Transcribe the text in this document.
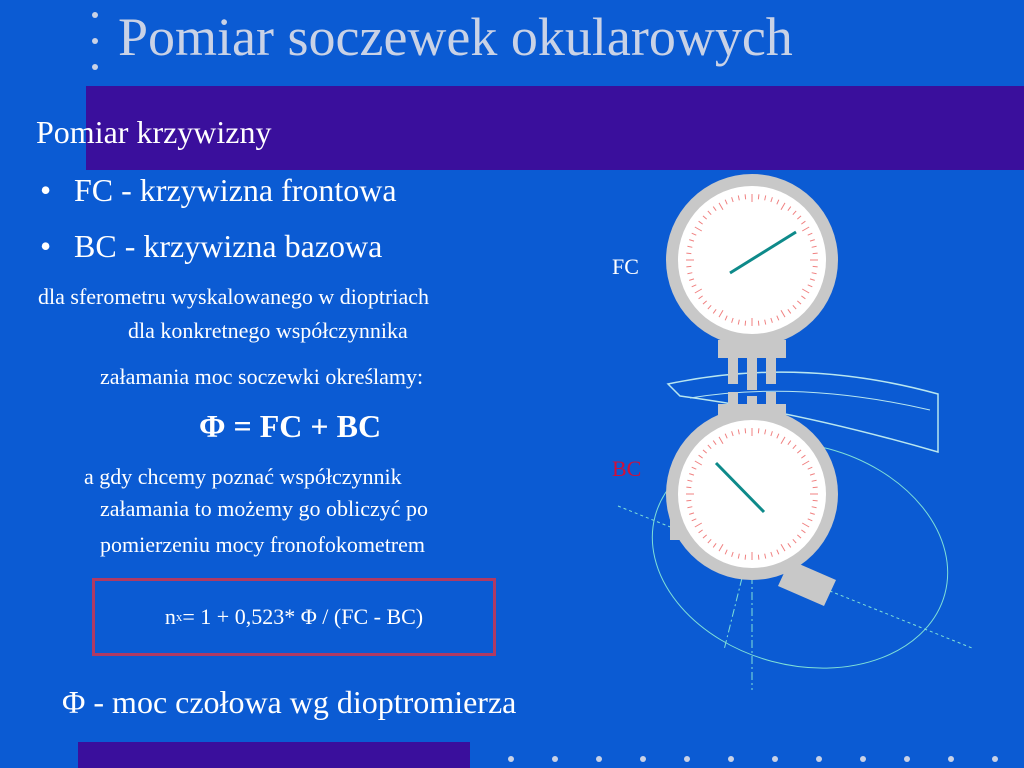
FC
BC
Pomiar soczewek okularowych
Pomiar krzywizny
• FC - krzywizna frontowa
• BC - krzywizna bazowa
dla sferometru wyskalowanego w dioptriach
dla konkretnego współczynnika
załamania moc soczewki określamy:
Φ = FC + BC
a gdy chcemy poznać współczynnik
załamania to możemy go obliczyć po
pomierzeniu mocy fronofokometrem
n x = 1 + 0,523* Φ / (FC - BC)
Φ - moc czołowa wg dioptromierza
